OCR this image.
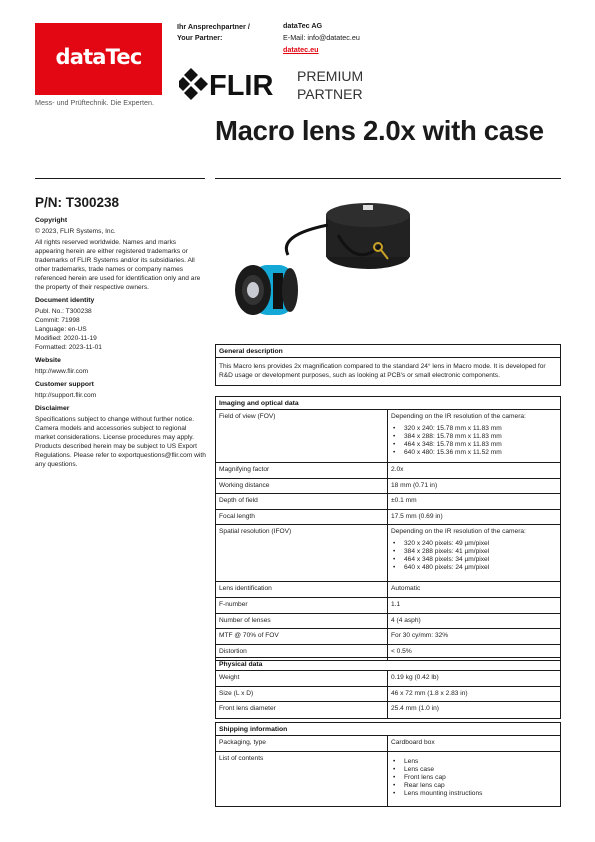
dataTec
Mess- und Prüftechnik. Die Experten.
Ihr Ansprechpartner /
Your Partner:
dataTec AG
E-Mail: info@datatec.eu
datatec.eu
FLIR PREMIUM
PARTNER
Macro lens 2.0x with case
P/N: T300238
Copyright

© 2023, FLIR Systems, Inc.

All rights reserved worldwide. Names and marks appearing herein are either registered trademarks or trademarks of FLIR Systems and/or its subsidiaries. All other trademarks, trade names or company names referenced herein are used for identification only and are the property of their respective owners.

Document identity
Publ. No.: T300238
Commit: 71998
Language: en-US
Modified: 2020-11-19
Formatted: 2023-11-01
Website

http://www.flir.com

Customer support

http://support.flir.com

Disclaimer

Specifications subject to change without further notice. Camera models and accessories subject to regional market considerations. License procedures may apply. Products described herein may be subject to US Export Regulations. Please refer to exportquestions@flir.com with any questions.

General description
This Macro lens provides 2x magnification compared to the standard 24° lens in Macro mode. It is developed for R&D usage or development purposes, such as looking at PCB's or small electronic components.
Imaging and optical data
Field of view (FOV)	Depending on the IR resolution of the camera:
• 320 x 240: 15.78 mm x 11.83 mm
• 384 x 288: 15.78 mm x 11.83 mm
• 464 x 348: 15.78 mm x 11.83 mm
• 640 x 480: 15.36 mm x 11.52 mm
Magnifying factor	2.0x
Working distance	18 mm (0.71 in)
Depth of field	±0.1 mm
Focal length	17.5 mm (0.69 in)
Spatial resolution (IFOV)	Depending on the IR resolution of the camera:
• 320 x 240 pixels: 49 µm/pixel
• 384 x 288 pixels: 41 µm/pixel
• 464 x 348 pixels: 34 µm/pixel
• 640 x 480 pixels: 24 µm/pixel
Lens identification	Automatic
F-number	1.1
Number of lenses	4 (4 asph)
MTF @ 70% of FOV	For 30 cy/mm: 32%
Distortion	< 0.5%
Physical data
Weight	0.19 kg (0.42 lb)
Size (L x D)	46 x 72 mm (1.8 x 2.83 in)
Front lens diameter	25.4 mm (1.0 in)
Shipping information
Packaging, type	Cardboard box
List of contents
•	Lens
• Lens case
• Front lens cap
• Rear lens cap
• Lens mounting instructions
